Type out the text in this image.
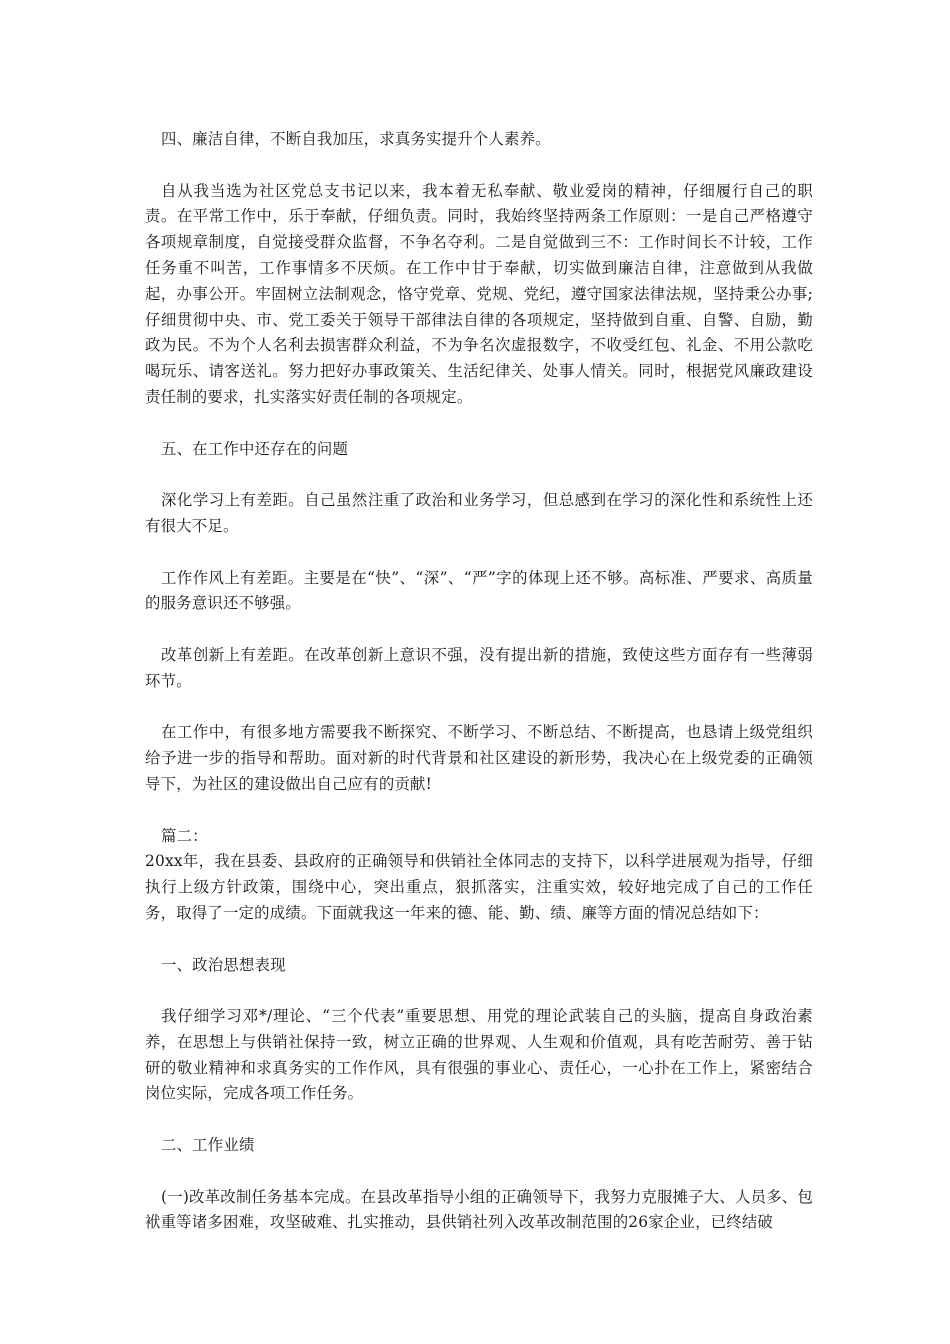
四、廉洁自律，不断自我加压，求真务实提升个人素养。

自从我当选为社区党总支书记以来，我本着无私奉献、敬业爱岗的精神，仔细履行自己的职责。在平常工作中，乐于奉献，仔细负责。同时，我始终坚持两条工作原则：一是自己严格遵守各项规章制度，自觉接受群众监督，不争名夺利。二是自觉做到三不：工作时间长不计较，工作任务重不叫苦，工作事情多不厌烦。在工作中甘于奉献，切实做到廉洁自律，注意做到从我做起，办事公开。牢固树立法制观念，恪守党章、党规、党纪，遵守国家法律法规，坚持秉公办事;仔细贯彻中央、市、党工委关于领导干部律法自律的各项规定，坚持做到自重、自警、自励，勤政为民。不为个人名利去损害群众利益，不为争名次虚报数字，不收受红包、礼金、不用公款吃喝玩乐、请客送礼。努力把好办事政策关、生活纪律关、处事人情关。同时，根据党风廉政建设责任制的要求，扎实落实好责任制的各项规定。

五、在工作中还存在的问题

深化学习上有差距。自己虽然注重了政治和业务学习，但总感到在学习的深化性和系统性上还有很大不足。

工作作风上有差距。主要是在“快”、“深”、“严”字的体现上还不够。高标准、严要求、高质量的服务意识还不够强。

改革创新上有差距。在改革创新上意识不强，没有提出新的措施，致使这些方面存有一些薄弱环节。

在工作中，有很多地方需要我不断探究、不断学习、不断总结、不断提高，也恳请上级党组织给予进一步的指导和帮助。面对新的时代背景和社区建设的新形势，我决心在上级党委的正确领导下，为社区的建设做出自己应有的贡献!

篇二：

20xx年，我在县委、县政府的正确领导和供销社全体同志的支持下，以科学进展观为指导，仔细执行上级方针政策，围绕中心，突出重点，狠抓落实，注重实效，较好地完成了自己的工作任务，取得了一定的成绩。下面就我这一年来的德、能、勤、绩、廉等方面的情况总结如下：

一、政治思想表现

我仔细学习邓*/理论、“三个代表”重要思想、用党的理论武装自己的头脑，提高自身政治素养，在思想上与供销社保持一致，树立正确的世界观、人生观和价值观，具有吃苦耐劳、善于钻研的敬业精神和求真务实的工作作风，具有很强的事业心、责任心，一心扑在工作上，紧密结合岗位实际，完成各项工作任务。

二、工作业绩

(一)改革改制任务基本完成。在县改革指导小组的正确领导下，我努力克服摊子大、人员多、包袱重等诸多困难，攻坚破难、扎实推动，县供销社列入改革改制范围的26家企业，已终结破
